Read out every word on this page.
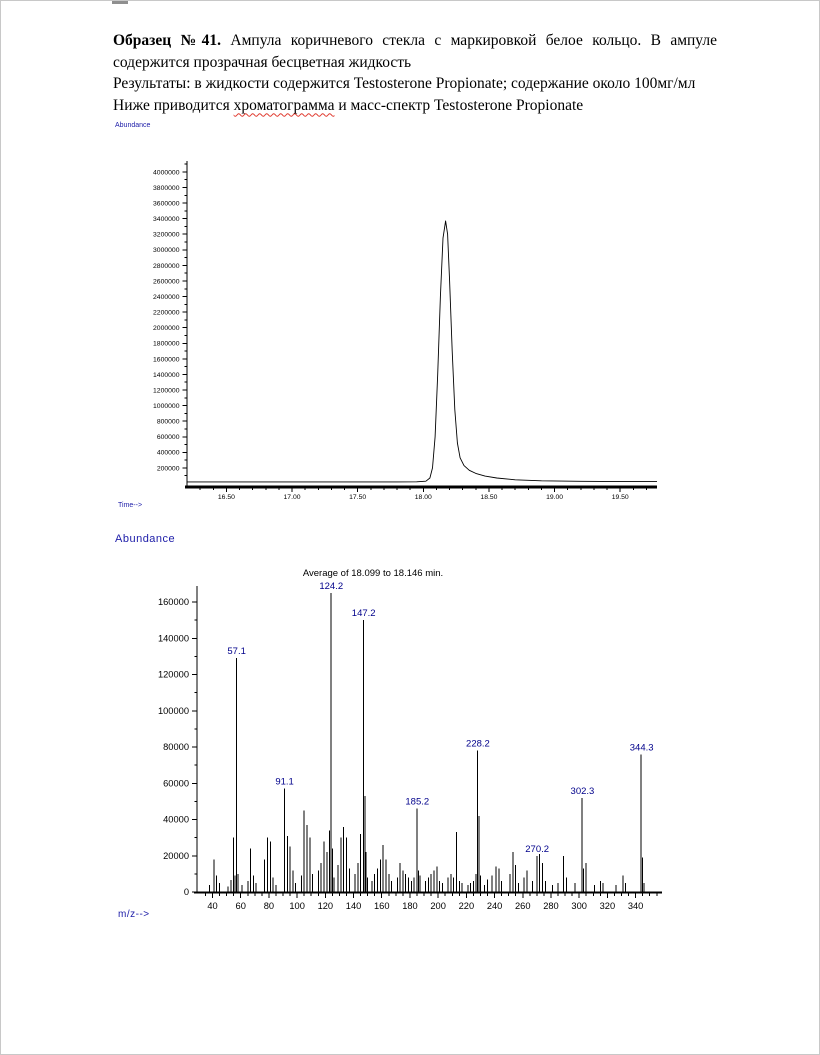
Образец №41. Ампула коричневого стекла с маркировкой белое кольцо. В ампуле
содержится прозрачная бесцветная жидкость
Результаты: в жидкости содержится Testosterone Propionate; содержание около 100мг/мл
Ниже приводится хроматограмма и масс-спектр Testosterone Propionate
Abundance
200000
400000
600000
800000
1000000
1200000
1400000
1600000
1800000
2000000
2200000
2400000
2600000
2800000
3000000
3200000
3400000
3600000
3800000
4000000
16.50	17.00	17.50	18.00	18.50	19.00	19.50
Time-->
Abundance
Average of 18.099 to 18.146 min.
0
20000
40000
60000
80000
100000
120000
140000
160000
40 60 80 100 120 140 160 180 200 220 240 260 280 300 320 340
57.1
91.1
124.2
147.2
185.2
228.2
270.2
302.3
344.3
m/z-->
